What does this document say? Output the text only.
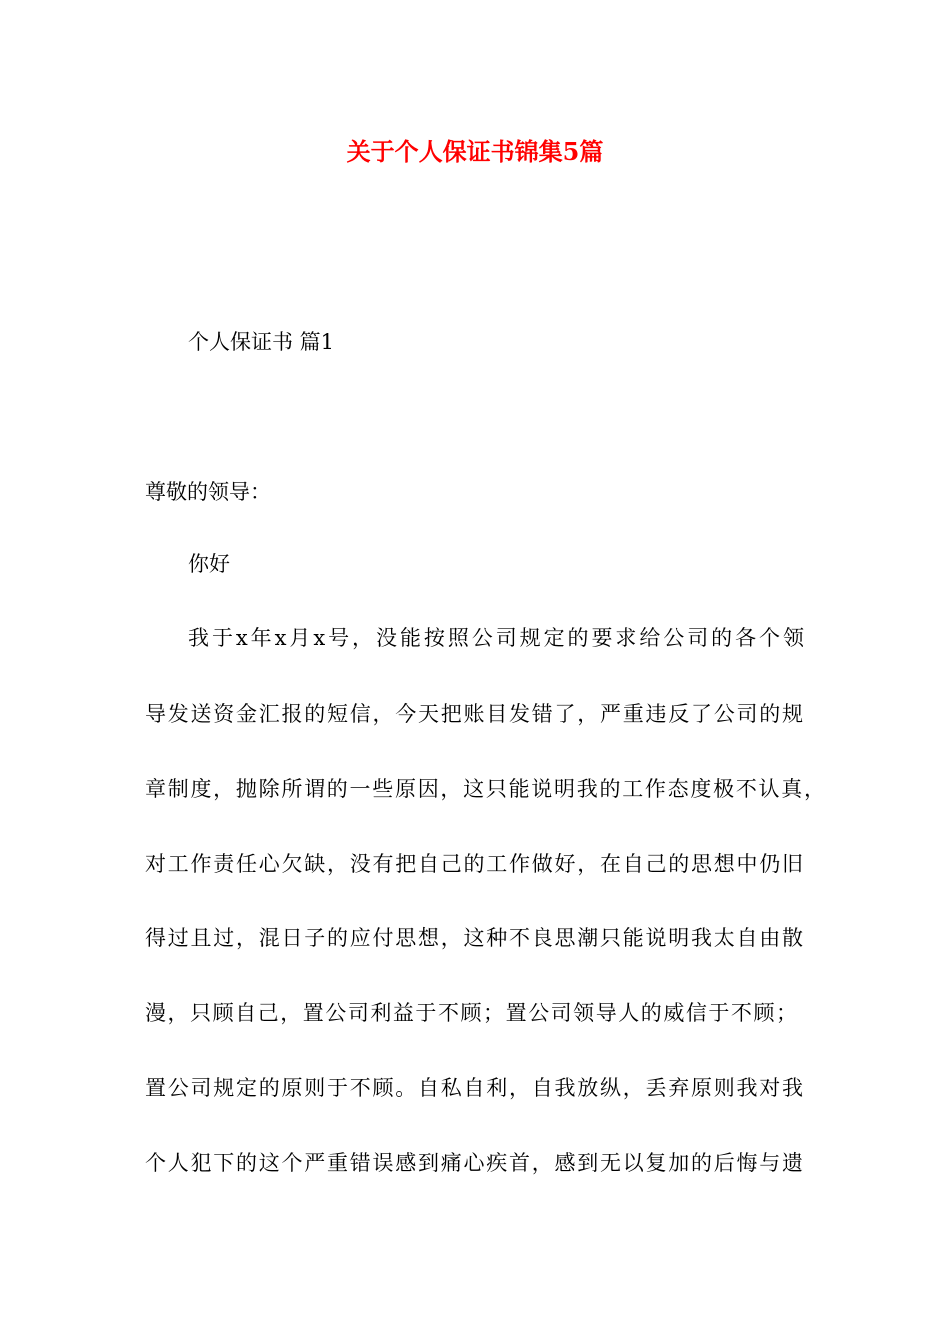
关于个人保证书锦集5篇
个人保证书 篇1
尊敬的领导：
你好
我于x年x月x号，没能按照公司规定的要求给公司的各个领
导发送资金汇报的短信，今天把账目发错了，严重违反了公司的规
章制度，抛除所谓的一些原因，这只能说明我的工作态度极不认真，
对工作责任心欠缺，没有把自己的工作做好，在自己的思想中仍旧
得过且过，混日子的应付思想，这种不良思潮只能说明我太自由散
漫，只顾自己，置公司利益于不顾；置公司领导人的威信于不顾；
置公司规定的原则于不顾。自私自利，自我放纵，丢弃原则我对我
个人犯下的这个严重错误感到痛心疾首，感到无以复加的后悔与遗
